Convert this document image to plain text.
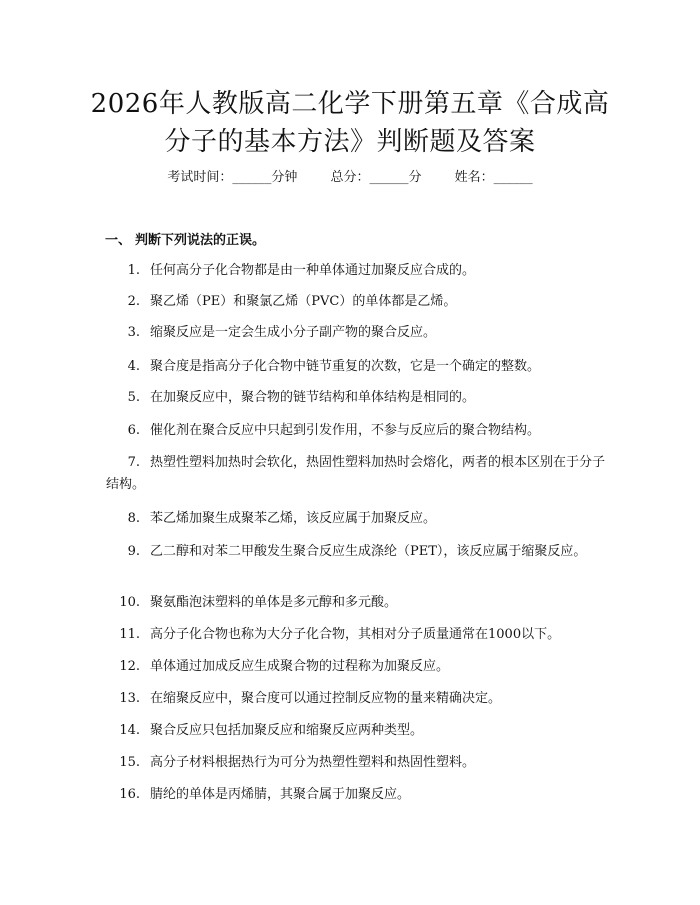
2026年人教版高二化学下册第五章《合成高
分子的基本方法》判断题及答案
考试时间：______分钟	总分：______分	姓名：______
一、 判断下列说法的正误。
1. 任何高分子化合物都是由一种单体通过加聚反应合成的。
2. 聚乙烯（PE）和聚氯乙烯（PVC）的单体都是乙烯。
3. 缩聚反应是一定会生成小分子副产物的聚合反应。
4. 聚合度是指高分子化合物中链节重复的次数，它是一个确定的整数。
5. 在加聚反应中，聚合物的链节结构和单体结构是相同的。
6. 催化剂在聚合反应中只起到引发作用，不参与反应后的聚合物结构。
7. 热塑性塑料加热时会软化，热固性塑料加热时会熔化，两者的根本区别在于分子结构。
8. 苯乙烯加聚生成聚苯乙烯，该反应属于加聚反应。
9. 乙二醇和对苯二甲酸发生聚合反应生成涤纶（PET），该反应属于缩聚反应。
10. 聚氨酯泡沫塑料的单体是多元醇和多元酸。
11. 高分子化合物也称为大分子化合物，其相对分子质量通常在1000以下。
12. 单体通过加成反应生成聚合物的过程称为加聚反应。
13. 在缩聚反应中，聚合度可以通过控制反应物的量来精确决定。
14. 聚合反应只包括加聚反应和缩聚反应两种类型。
15. 高分子材料根据热行为可分为热塑性塑料和热固性塑料。
16. 腈纶的单体是丙烯腈，其聚合属于加聚反应。
